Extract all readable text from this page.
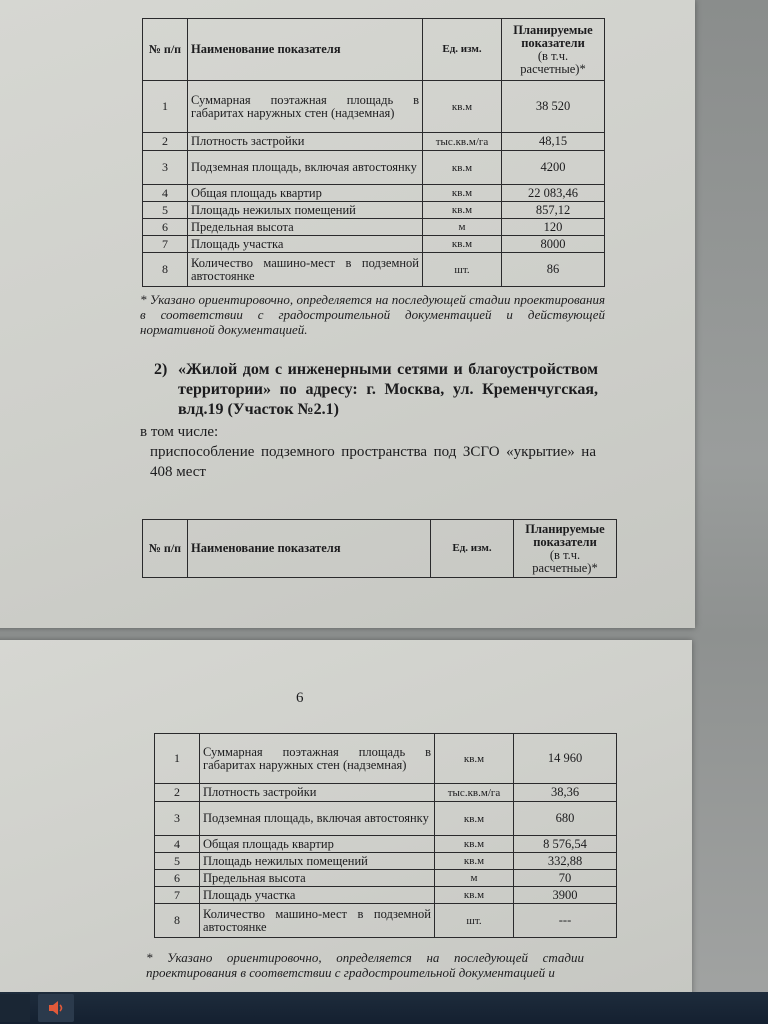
№ п/п	Наименование показателя	Ед. изм.	Планируемые показатели
(в т.ч. расчетные)*

1	Суммарная поэтажная площадь в габаритах наружных стен (надземная)	кв.м	38 520
2	Плотность застройки	тыс.кв.м/га	48,15
3	Подземная площадь, включая автостоянку	кв.м	4200
4	Общая площадь квартир	кв.м	22 083,46
5	Площадь нежилых помещений	кв.м	857,12
6	Предельная высота	м	120
7	Площадь участка	кв.м	8000
8	Количество машино-мест в подземной автостоянке	шт.	86
* Указано ориентировочно, определяется на последующей стадии проектирования в соответствии с градостроительной документацией и действующей нормативной документацией.
2) «Жилой дом с инженерными сетями и благоустройством территории» по адресу: г. Москва, ул. Кременчугская, влд.19 (Участок №2.1)
в том числе:
приспособление подземного пространства под ЗСГО «укрытие» на 408 мест
№ п/п	Наименование показателя	Ед. изм.	
Планируемые показатели
(в т.ч. расчетные)*
6
1	Суммарная поэтажная площадь в габаритах наружных стен (надземная)	кв.м	14 960
2	Плотность застройки	тыс.кв.м/га	38,36
3	Подземная площадь, включая автостоянку	кв.м	680
4	Общая площадь квартир	кв.м	8 576,54
5	Площадь нежилых помещений	кв.м	332,88
6	Предельная высота	м	70
7	Площадь участка	кв.м	3900
8	Количество машино-мест в подземной автостоянке	шт.	---
* Указано ориентировочно, определяется на последующей стадии проектирования в соответствии с градостроительной документацией и
